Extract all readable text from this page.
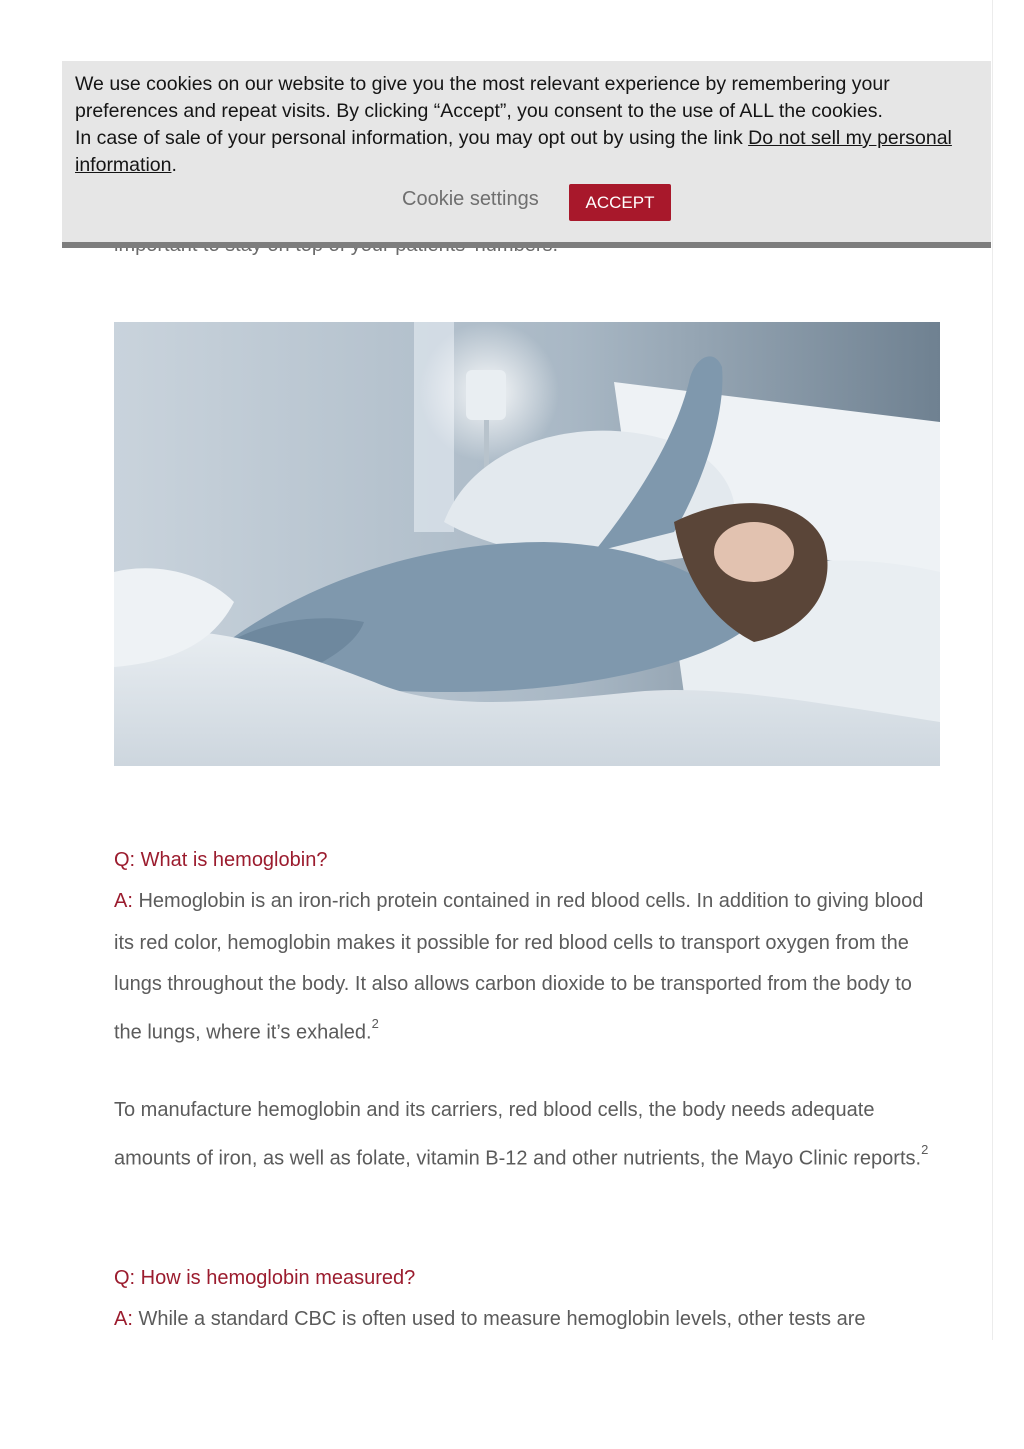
Q: What is hemoglobin?

A: Hemoglobin is an iron-rich protein contained in red blood cells. In addition to giving blood its red color, hemoglobin makes it possible for red blood cells to transport oxygen from the lungs throughout the body. It also allows carbon dioxide to be transported from the body to the lungs, where it’s exhaled.$^2$

To manufacture hemoglobin and its carriers, red blood cells, the body needs adequate amounts of iron, as well as folate, vitamin B-12 and other nutrients, the Mayo Clinic reports.$^2$

Q: How is hemoglobin measured?

A: While a standard CBC is often used to measure hemoglobin levels, other tests are

We use cookies on our website to give you the most relevant experience by remembering your preferences and repeat visits. By clicking “Accept”, you consent to the use of ALL the cookies.
In case of sale of your personal information, you may opt out by using the link Do not sell my personal information.

Cookie settings	ACCEPT
